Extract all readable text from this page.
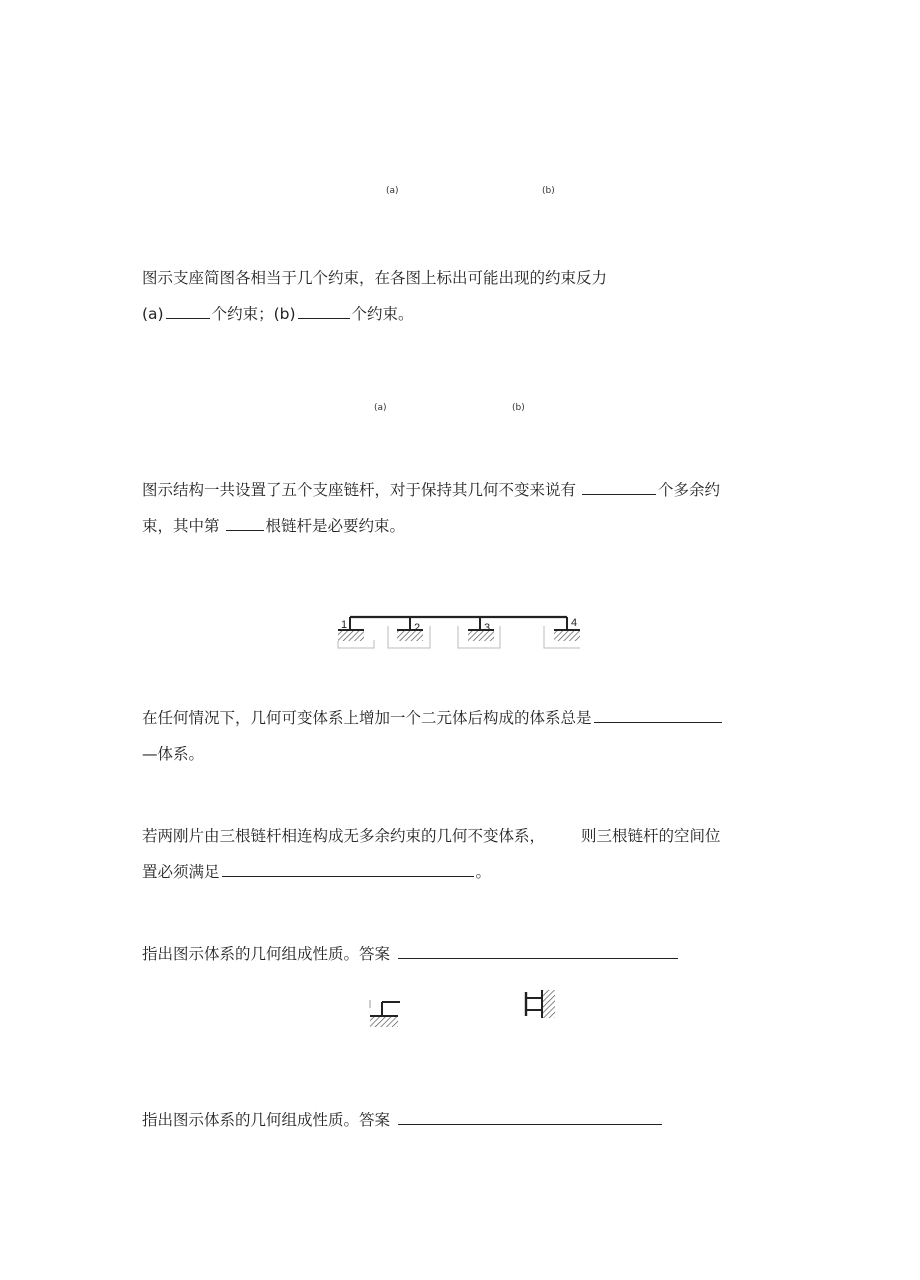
(a)	(b)

图示支座简图各相当于几个约束，在各图上标出可能出现的约束反力

(a)	个约束；(b)	个约束。

(a)	(b)

图示结构一共设置了五个支座链杆，对于保持其几何不变来说有	个多余约

束，其中第	根链杆是必要约束。

1	2	3	4

在任何情况下，几何可变体系上增加一个二元体后构成的体系总是

—体系。

若两刚片由三根链杆相连构成无多余约束的几何不变体系， 则三根链杆的空间位

置必须满足	。

指出图示体系的几何组成性质。答案

指出图示体系的几何组成性质。答案
